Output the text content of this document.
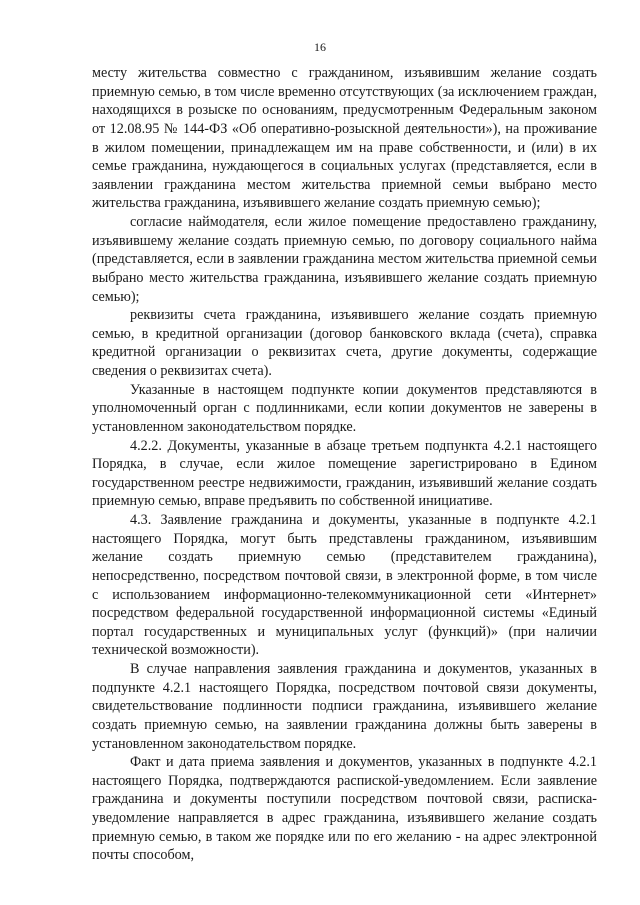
16

месту жительства совместно с гражданином, изъявившим желание создать приемную семью, в том числе временно отсутствующих (за исключением граждан, находящихся в розыске по основаниям, предусмотренным Федеральным законом от 12.08.95 № 144-ФЗ «Об оперативно-розыскной деятельности»), на проживание в жилом помещении, принадлежащем им на праве собственности, и (или) в их семье гражданина, нуждающегося в социальных услугах (представляется, если в заявлении гражданина местом жительства приемной семьи выбрано место жительства гражданина, изъявившего желание создать приемную семью);

согласие наймодателя, если жилое помещение предоставлено гражданину, изъявившему желание создать приемную семью, по договору социального найма (представляется, если в заявлении гражданина местом жительства приемной семьи выбрано место жительства гражданина, изъявившего желание создать приемную семью);

реквизиты счета гражданина, изъявившего желание создать приемную семью, в кредитной организации (договор банковского вклада (счета), справка кредитной организации о реквизитах счета, другие документы, содержащие сведения о реквизитах счета).

Указанные в настоящем подпункте копии документов представляются в уполномоченный орган с подлинниками, если копии документов не заверены в установленном законодательством порядке.

4.2.2. Документы, указанные в абзаце третьем подпункта 4.2.1 настоящего Порядка, в случае, если жилое помещение зарегистрировано в Едином государственном реестре недвижимости, гражданин, изъявивший желание создать приемную семью, вправе предъявить по собственной инициативе.

4.3. Заявление гражданина и документы, указанные в подпункте 4.2.1 настоящего Порядка, могут быть представлены гражданином, изъявившим желание создать приемную семью (представителем гражданина), непосредственно, посредством почтовой связи, в электронной форме, в том числе с использованием информационно-телекоммуникационной сети «Интернет» посредством федеральной государственной информационной системы «Единый портал государственных и муниципальных услуг (функций)» (при наличии технической возможности).

В случае направления заявления гражданина и документов, указанных в подпункте 4.2.1 настоящего Порядка, посредством почтовой связи документы, свидетельствование подлинности подписи гражданина, изъявившего желание создать приемную семью, на заявлении гражданина должны быть заверены в установленном законодательством порядке.

Факт и дата приема заявления и документов, указанных в подпункте 4.2.1 настоящего Порядка, подтверждаются распиской-уведомлением. Если заявление гражданина и документы поступили посредством почтовой связи, расписка-уведомление направляется в адрес гражданина, изъявившего желание создать приемную семью, в таком же порядке или по его желанию - на адрес электронной почты способом,
